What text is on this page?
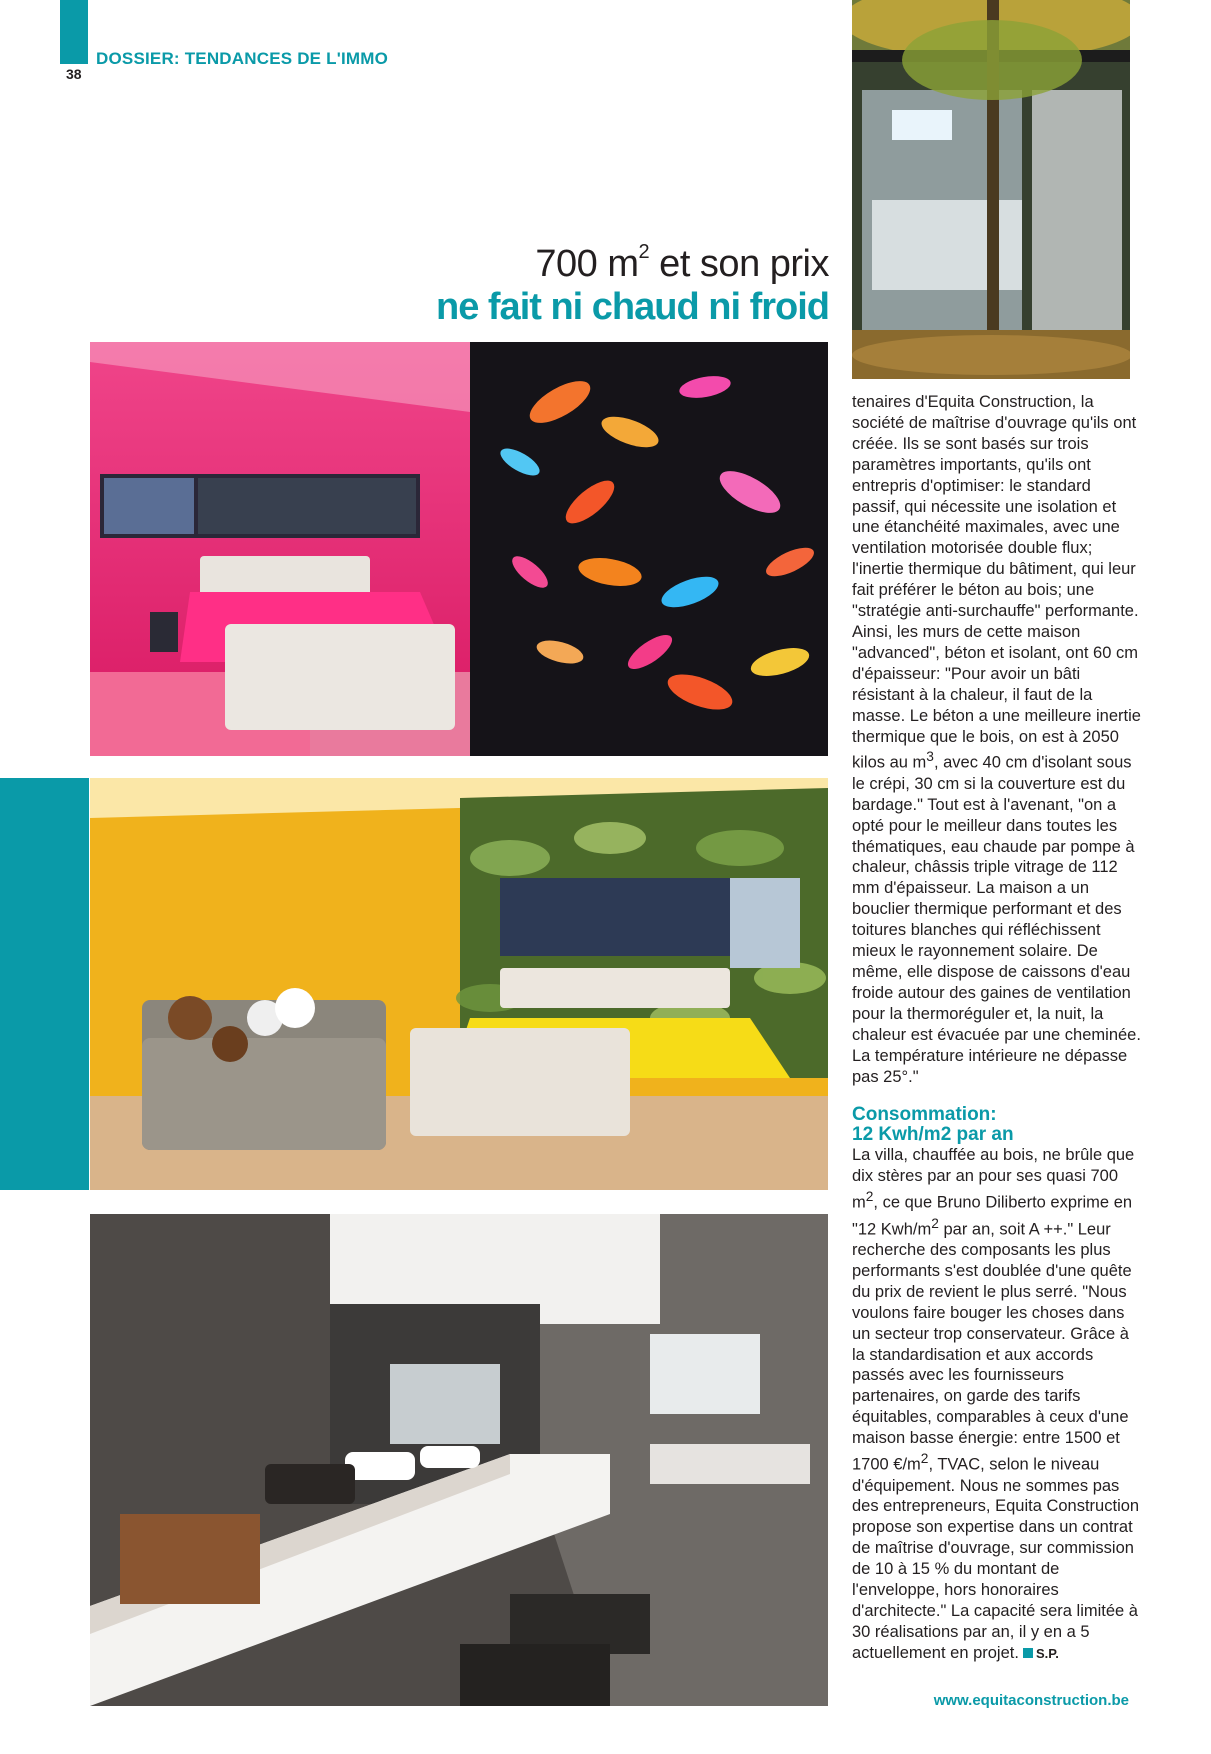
38
DOSSIER: TENDANCES DE L'IMMO
700 $m^2$ et son prix
ne fait ni chaud ni froid

tenaires d'Equita Construction, la société de maîtrise d'ouvrage qu'ils ont créée. Ils se sont basés sur trois paramètres importants, qu'ils ont entrepris d'optimiser: le standard passif, qui nécessite une isolation et une étanchéité maximales, avec une ventilation motorisée double flux; l'inertie thermique du bâtiment, qui leur fait préférer le béton au bois; une "stratégie anti-surchauffe" performante. Ainsi, les murs de cette maison "advanced", béton et isolant, ont 60 cm d'épaisseur: "Pour avoir un bâti résistant à la chaleur, il faut de la masse. Le béton a une meilleure inertie thermique que le bois, on est à 2050 kilos au $m^3$, avec 40 cm d'isolant sous le crépi, 30 cm si la couverture est du bardage." Tout est à l'avenant, "on a opté pour le meilleur dans toutes les thématiques, eau chaude par pompe à chaleur, châssis triple vitrage de 112 mm d'épaisseur. La maison a un bouclier thermique performant et des toitures blanches qui réfléchissent mieux le rayonnement solaire. De même, elle dispose de caissons d'eau froide autour des gaines de ventilation pour la thermoréguler et, la nuit, la chaleur est évacuée par une cheminée. La température intérieure ne dépasse pas 25°."

Consommation:
12 Kwh/m2 par an

La villa, chauffée au bois, ne brûle que dix stères par an pour ses quasi 700 $m^2$, ce que Bruno Diliberto exprime en "12 Kwh/$m^2$ par an, soit A ++." Leur recherche des composants les plus performants s'est doublée d'une quête du prix de revient le plus serré. "Nous voulons faire bouger les choses dans un secteur trop conservateur. Grâce à la standardisation et aux accords passés avec les fournisseurs partenaires, on garde des tarifs équitables, comparables à ceux d'une maison basse énergie: entre 1500 et 1700 $€/m^2$, TVAC, selon le niveau d'équipement. Nous ne sommes pas des entrepreneurs, Equita Construction propose son expertise dans un contrat de maîtrise d'ouvrage, sur commission de 10 à 15 % du montant de l'enveloppe, hors honoraires d'architecte." La capacité sera limitée à 30 réalisations par an, il y en a 5 actuellement en projet. S.P.

www.equitaconstruction.be
